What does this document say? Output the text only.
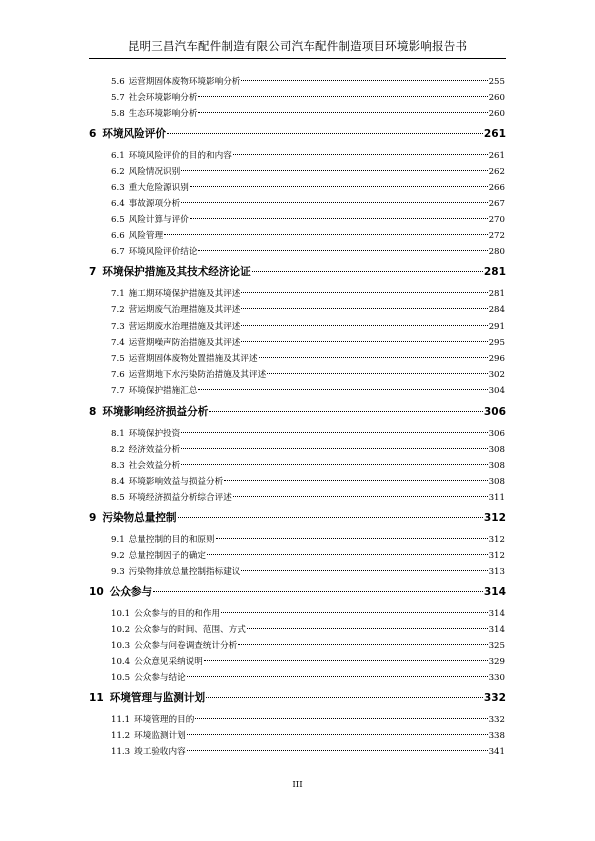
昆明三昌汽车配件制造有限公司汽车配件制造项目环境影响报告书
5.6 运营期固体废物环境影响分析	255
5.7 社会环境影响分析	260
5.8 生态环境影响分析	260
6 环境风险评价	261
6.1 环境风险评价的目的和内容	261
6.2 风险情况识别	262
6.3 重大危险源识别	266
6.4 事故源项分析	267
6.5 风险计算与评价	270
6.6 风险管理	272
6.7 环境风险评价结论	280
7 环境保护措施及其技术经济论证	281
7.1 施工期环境保护措施及其评述	281
7.2 营运期废气治理措施及其评述	284
7.3 营运期废水治理措施及其评述	291
7.4 运营期噪声防治措施及其评述	295
7.5 运营期固体废物处置措施及其评述	296
7.6 运营期地下水污染防治措施及其评述	302
7.7 环境保护措施汇总	304
8 环境影响经济损益分析	306
8.1 环境保护投资	306
8.2 经济效益分析	308
8.3 社会效益分析	308
8.4 环境影响效益与损益分析	308
8.5 环境经济损益分析综合评述	311
9 污染物总量控制	312
9.1 总量控制的目的和原则	312
9.2 总量控制因子的确定	312
9.3 污染物排放总量控制指标建议	313
10 公众参与	314
10.1 公众参与的目的和作用	314
10.2 公众参与的时间、范围、方式	314
10.3 公众参与问卷调查统计分析	325
10.4 公众意见采纳说明	329
10.5 公众参与结论	330
11 环境管理与监测计划	332
11.1 环境管理的目的	332
11.2 环境监测计划	338
11.3 竣工验收内容	341
III
